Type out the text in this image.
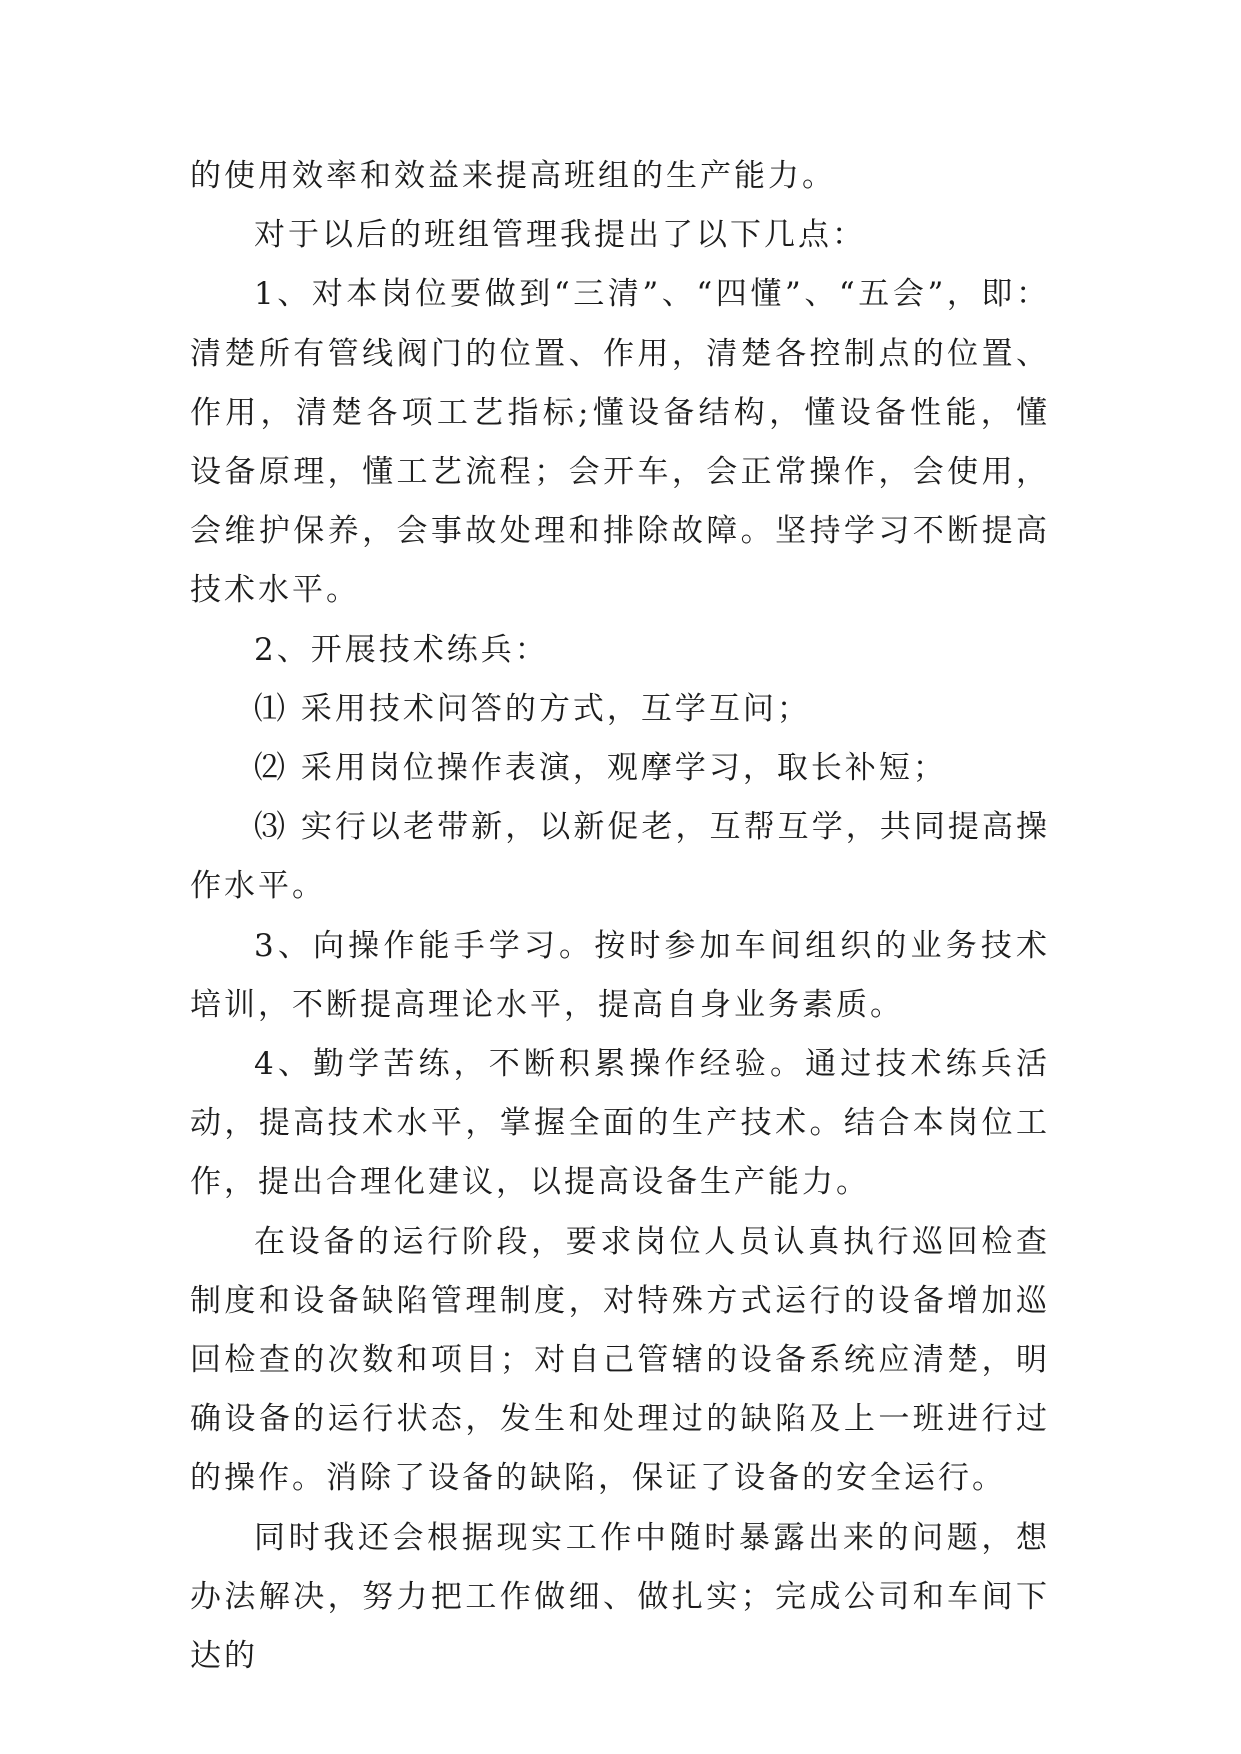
的使用效率和效益来提高班组的生产能力。

对于以后的班组管理我提出了以下几点：

1、对本岗位要做到“三清”、“四懂”、“五会”，即：清楚所有管线阀门的位置、作用，清楚各控制点的位置、作用，清楚各项工艺指标;懂设备结构，懂设备性能，懂设备原理，懂工艺流程；会开车，会正常操作，会使用，会维护保养，会事故处理和排除故障。坚持学习不断提高技术水平。

2、开展技术练兵：

⑴ 采用技术问答的方式，互学互问；

⑵ 采用岗位操作表演，观摩学习，取长补短；

⑶ 实行以老带新，以新促老，互帮互学，共同提高操作水平。

3、向操作能手学习。按时参加车间组织的业务技术培训，不断提高理论水平，提高自身业务素质。

4、勤学苦练，不断积累操作经验。通过技术练兵活动，提高技术水平，掌握全面的生产技术。结合本岗位工作，提出合理化建议，以提高设备生产能力。

在设备的运行阶段，要求岗位人员认真执行巡回检查制度和设备缺陷管理制度，对特殊方式运行的设备增加巡回检查的次数和项目；对自己管辖的设备系统应清楚，明确设备的运行状态，发生和处理过的缺陷及上一班进行过的操作。消除了设备的缺陷，保证了设备的安全运行。

同时我还会根据现实工作中随时暴露出来的问题，想办法解决，努力把工作做细、做扎实；完成公司和车间下达的
